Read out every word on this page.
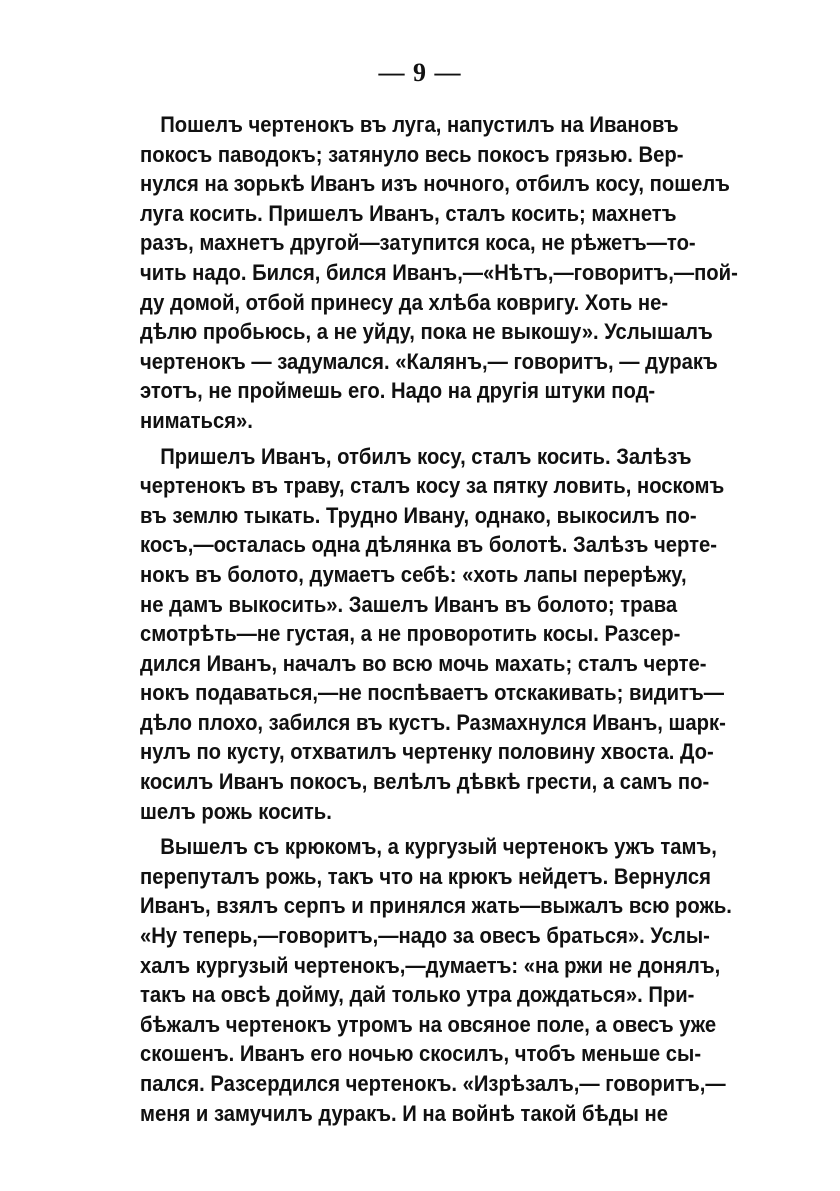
— 9 —

Пошелъ чертенокъ въ луга, напустилъ на Ивановъ
покосъ паводокъ; затянуло весь покосъ грязью. Вер-
нулся на зорькѣ Иванъ изъ ночного, отбилъ косу, пошелъ
луга косить. Пришелъ Иванъ, сталъ косить; махнетъ
разъ, махнетъ другой—затупится коса, не рѣжетъ—то-
чить надо. Бился, бился Иванъ,—«Нѣтъ,—говоритъ,—пой-
ду домой, отбой принесу да хлѣба ковригу. Хоть не-
дѣлю пробьюсь, а не уйду, пока не выкошу». Услышалъ
чертенокъ — задумался. «Калянъ,— говоритъ, — дуракъ
этотъ, не проймешь его. Надо на другія штуки под-
ниматься».

Пришелъ Иванъ, отбилъ косу, сталъ косить. Залѣзъ
чертенокъ въ траву, сталъ косу за пятку ловить, носкомъ
въ землю тыкать. Трудно Ивану, однако, выкосилъ по-
косъ,—осталась одна дѣлянка въ болотѣ. Залѣзъ черте-
нокъ въ болото, думаетъ себѣ: «хоть лапы перерѣжу,
не дамъ выкосить». Зашелъ Иванъ въ болото; трава
смотрѣть—не густая, а не проворотить косы. Разсер-
дился Иванъ, началъ во всю мочь махать; сталъ черте-
нокъ подаваться,—не поспѣваетъ отскакивать; видитъ—
дѣло плохо, забился въ кустъ. Размахнулся Иванъ, шарк-
нулъ по кусту, отхватилъ чертенку половину хвоста. До-
косилъ Иванъ покосъ, велѣлъ дѣвкѣ грести, а самъ по-
шелъ рожь косить.

Вышелъ съ крюкомъ, а кургузый чертенокъ ужъ тамъ,
перепуталъ рожь, такъ что на крюкъ нейдетъ. Вернулся
Иванъ, взялъ серпъ и принялся жать—выжалъ всю рожь.
«Ну теперь,—говоритъ,—надо за овесъ браться». Услы-
халъ кургузый чертенокъ,—думаетъ: «на ржи не донялъ,
такъ на овсѣ дойму, дай только утра дождаться». При-
бѣжалъ чертенокъ утромъ на овсяное поле, а овесъ уже
скошенъ. Иванъ его ночью скосилъ, чтобъ меньше сы-
пался. Разсердился чертенокъ. «Изрѣзалъ,— говоритъ,—
меня и замучилъ дуракъ. И на войнѣ такой бѣды не
